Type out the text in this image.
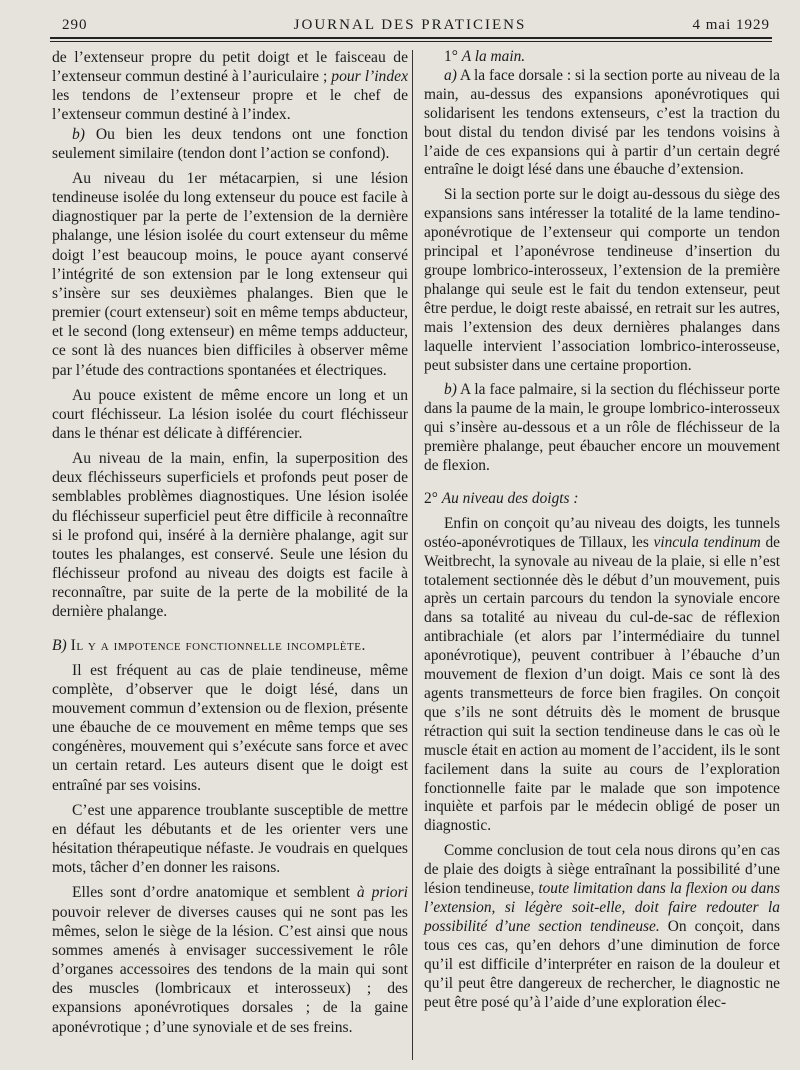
290	JOURNAL DES PRATICIENS	4 mai 1929

de l’extenseur propre du petit doigt et le faisceau de l’extenseur commun destiné à l’auriculaire ; pour l’index les tendons de l’extenseur propre et le chef de l’extenseur commun destiné à l’index.

b) Ou bien les deux tendons ont une fonction seulement similaire (tendon dont l’action se confond).

Au niveau du 1er métacarpien, si une lésion tendineuse isolée du long extenseur du pouce est facile à diagnostiquer par la perte de l’extension de la dernière phalange, une lésion isolée du court extenseur du même doigt l’est beaucoup moins, le pouce ayant conservé l’intégrité de son extension par le long extenseur qui s’insère sur ses deuxièmes phalanges. Bien que le premier (court extenseur) soit en même temps abducteur, et le second (long extenseur) en même temps adducteur, ce sont là des nuances bien difficiles à observer même par l’étude des contractions spontanées et électriques.

Au pouce existent de même encore un long et un court fléchisseur. La lésion isolée du court fléchisseur dans le thénar est délicate à différencier.

Au niveau de la main, enfin, la superposition des deux fléchisseurs superficiels et profonds peut poser de semblables problèmes diagnostiques. Une lésion isolée du fléchisseur superficiel peut être difficile à reconnaître si le profond qui, inséré à la dernière phalange, agit sur toutes les phalanges, est conservé. Seule une lésion du fléchisseur profond au niveau des doigts est facile à reconnaître, par suite de la perte de la mobilité de la dernière phalange.

B) Il y a impotence fonctionnelle incomplète.

Il est fréquent au cas de plaie tendineuse, même complète, d’observer que le doigt lésé, dans un mouvement commun d’extension ou de flexion, présente une ébauche de ce mouvement en même temps que ses congénères, mouvement qui s’exécute sans force et avec un certain retard. Les auteurs disent que le doigt est entraîné par ses voisins.

C’est une apparence troublante susceptible de mettre en défaut les débutants et de les orienter vers une hésitation thérapeutique néfaste. Je voudrais en quelques mots, tâcher d’en donner les raisons.

Elles sont d’ordre anatomique et semblent à priori pouvoir relever de diverses causes qui ne sont pas les mêmes, selon le siège de la lésion. C’est ainsi que nous sommes amenés à envisager successivement le rôle d’organes accessoires des tendons de la main qui sont des muscles (lombricaux et interosseux) ; des expansions aponévrotiques dorsales ; de la gaine aponévrotique ; d’une synoviale et de ses freins.

1° A la main.

a) A la face dorsale : si la section porte au niveau de la main, au-dessus des expansions aponévrotiques qui solidarisent les tendons extenseurs, c’est la traction du bout distal du tendon divisé par les tendons voisins à l’aide de ces expansions qui à partir d’un certain degré entraîne le doigt lésé dans une ébauche d’extension.

Si la section porte sur le doigt au-dessous du siège des expansions sans intéresser la totalité de la lame tendino-aponévrotique de l’extenseur qui comporte un tendon principal et l’aponévrose tendineuse d’insertion du groupe lombrico-interosseux, l’extension de la première phalange qui seule est le fait du tendon extenseur, peut être perdue, le doigt reste abaissé, en retrait sur les autres, mais l’extension des deux dernières phalanges dans laquelle intervient l’association lombrico-interosseuse, peut subsister dans une certaine proportion.

b) A la face palmaire, si la section du fléchisseur porte dans la paume de la main, le groupe lombrico-interosseux qui s’insère au-dessous et a un rôle de fléchisseur de la première phalange, peut ébaucher encore un mouvement de flexion.

2° Au niveau des doigts :

Enfin on conçoit qu’au niveau des doigts, les tunnels ostéo-aponévrotiques de Tillaux, les vincula tendinum de Weitbrecht, la synovale au niveau de la plaie, si elle n’est totalement sectionnée dès le début d’un mouvement, puis après un certain parcours du tendon la synoviale encore dans sa totalité au niveau du cul-de-sac de réflexion antibrachiale (et alors par l’intermédiaire du tunnel aponévrotique), peuvent contribuer à l’ébauche d’un mouvement de flexion d’un doigt. Mais ce sont là des agents transmetteurs de force bien fragiles. On conçoit que s’ils ne sont détruits dès le moment de brusque rétraction qui suit la section tendineuse dans le cas où le muscle était en action au moment de l’accident, ils le sont facilement dans la suite au cours de l’exploration fonctionnelle faite par le malade que son impotence inquiète et parfois par le médecin obligé de poser un diagnostic.

Comme conclusion de tout cela nous dirons qu’en cas de plaie des doigts à siège entraînant la possibilité d’une lésion tendineuse, toute limitation dans la flexion ou dans l’extension, si légère soit-elle, doit faire redouter la possibilité d’une section tendineuse. On conçoit, dans tous ces cas, qu’en dehors d’une diminution de force qu’il est difficile d’interpréter en raison de la douleur et qu’il peut être dangereux de rechercher, le diagnostic ne peut être posé qu’à l’aide d’une exploration élec-
